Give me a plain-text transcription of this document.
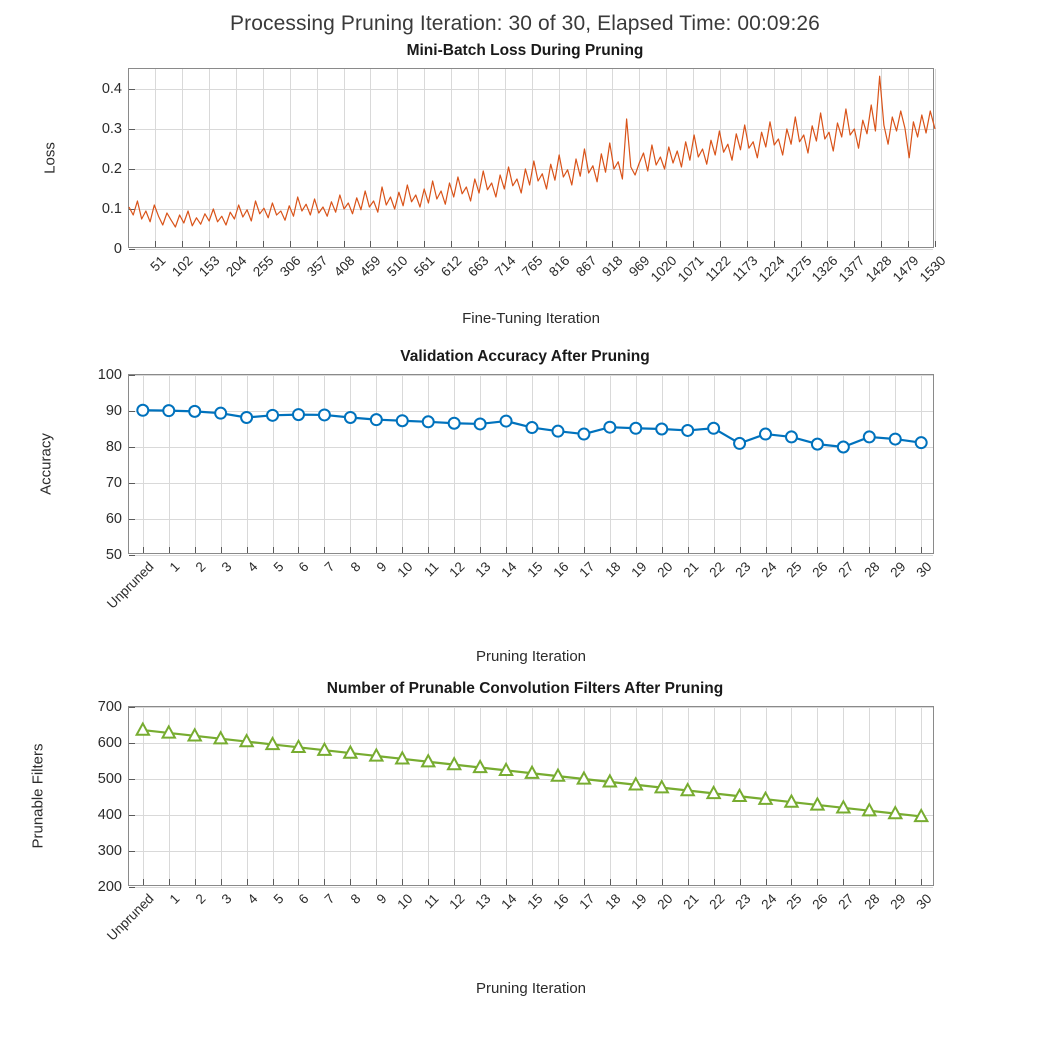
Processing Pruning Iteration: 30 of 30, Elapsed Time: 00:09:26
Mini-Batch Loss During Pruning
0
0.1
0.2
0.3
0.4
51 102 153 204 255 306 357 408 459 510 561 612 663 714 765 816 867 918 969
1020
1071
1122
1173
1224
1275
1326
1377
1428
1479
1530
Loss
Fine-Tuning Iteration
Validation Accuracy After Pruning
50
60
70
80
90
100
Unpruned 1 2 3 4 5 6 7 8 9 10 11 12 13 14 15 16 17 18 19 20 21 22 23 24 25 26 27 28 29 30
Accuracy
Pruning Iteration
Number of Prunable Convolution Filters After Pruning
200
300
400
500
600
700
Unpruned 1 2 3 4 5 6 7 8 9 10 11 12 13 14 15 16 17 18 19 20 21 22 23 24 25 26 27 28 29 30
Prunable Filters
Pruning Iteration
